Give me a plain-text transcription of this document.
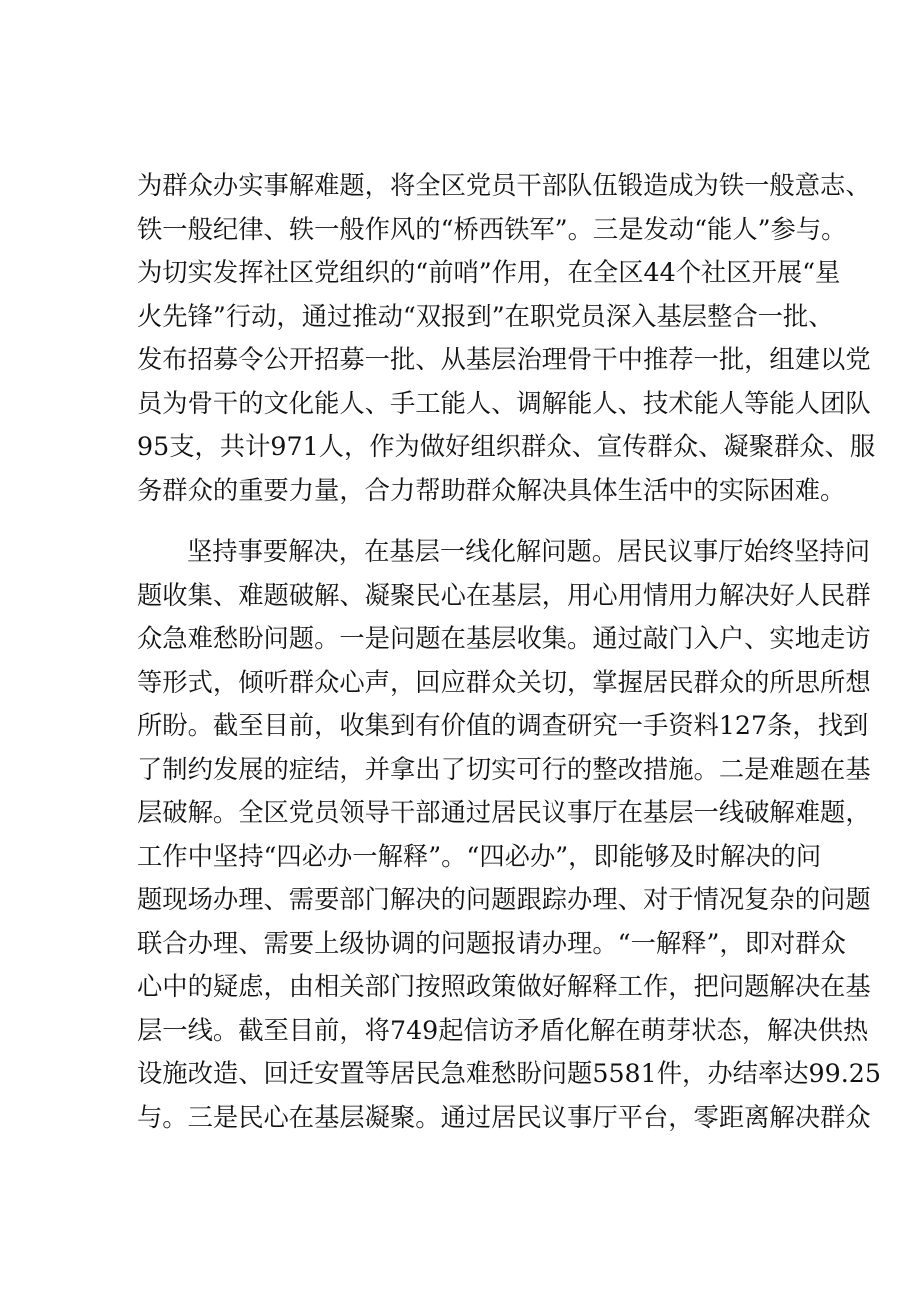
为群众办实事解难题，将全区党员干部队伍锻造成为铁一般意志、
铁一般纪律、轶一般作风的“桥西铁军”。三是发动“能人”参与。
为切实发挥社区党组织的“前哨”作用，在全区44个社区开展“星
火先锋”行动，通过推动“双报到”在职党员深入基层整合一批、
发布招募令公开招募一批、从基层治理骨干中推荐一批，组建以党
员为骨干的文化能人、手工能人、调解能人、技术能人等能人团队
95支，共计971人，作为做好组织群众、宣传群众、凝聚群众、服
务群众的重要力量，合力帮助群众解决具体生活中的实际困难。
坚持事要解决，在基层一线化解问题。居民议事厅始终坚持问
题收集、难题破解、凝聚民心在基层，用心用情用力解决好人民群
众急难愁盼问题。一是问题在基层收集。通过敲门入户、实地走访
等形式，倾听群众心声，回应群众关切，掌握居民群众的所思所想
所盼。截至目前，收集到有价值的调查研究一手资料127条，找到
了制约发展的症结，并拿出了切实可行的整改措施。二是难题在基
层破解。全区党员领导干部通过居民议事厅在基层一线破解难题，
工作中坚持“四必办一解释”。“四必办”，即能够及时解决的问
题现场办理、需要部门解决的问题跟踪办理、对于情况复杂的问题
联合办理、需要上级协调的问题报请办理。“一解释”，即对群众
心中的疑虑，由相关部门按照政策做好解释工作，把问题解决在基
层一线。截至目前，将749起信访矛盾化解在萌芽状态，解决供热
设施改造、回迁安置等居民急难愁盼问题5581件，办结率达99.25
与。三是民心在基层凝聚。通过居民议事厅平台，零距离解决群众
